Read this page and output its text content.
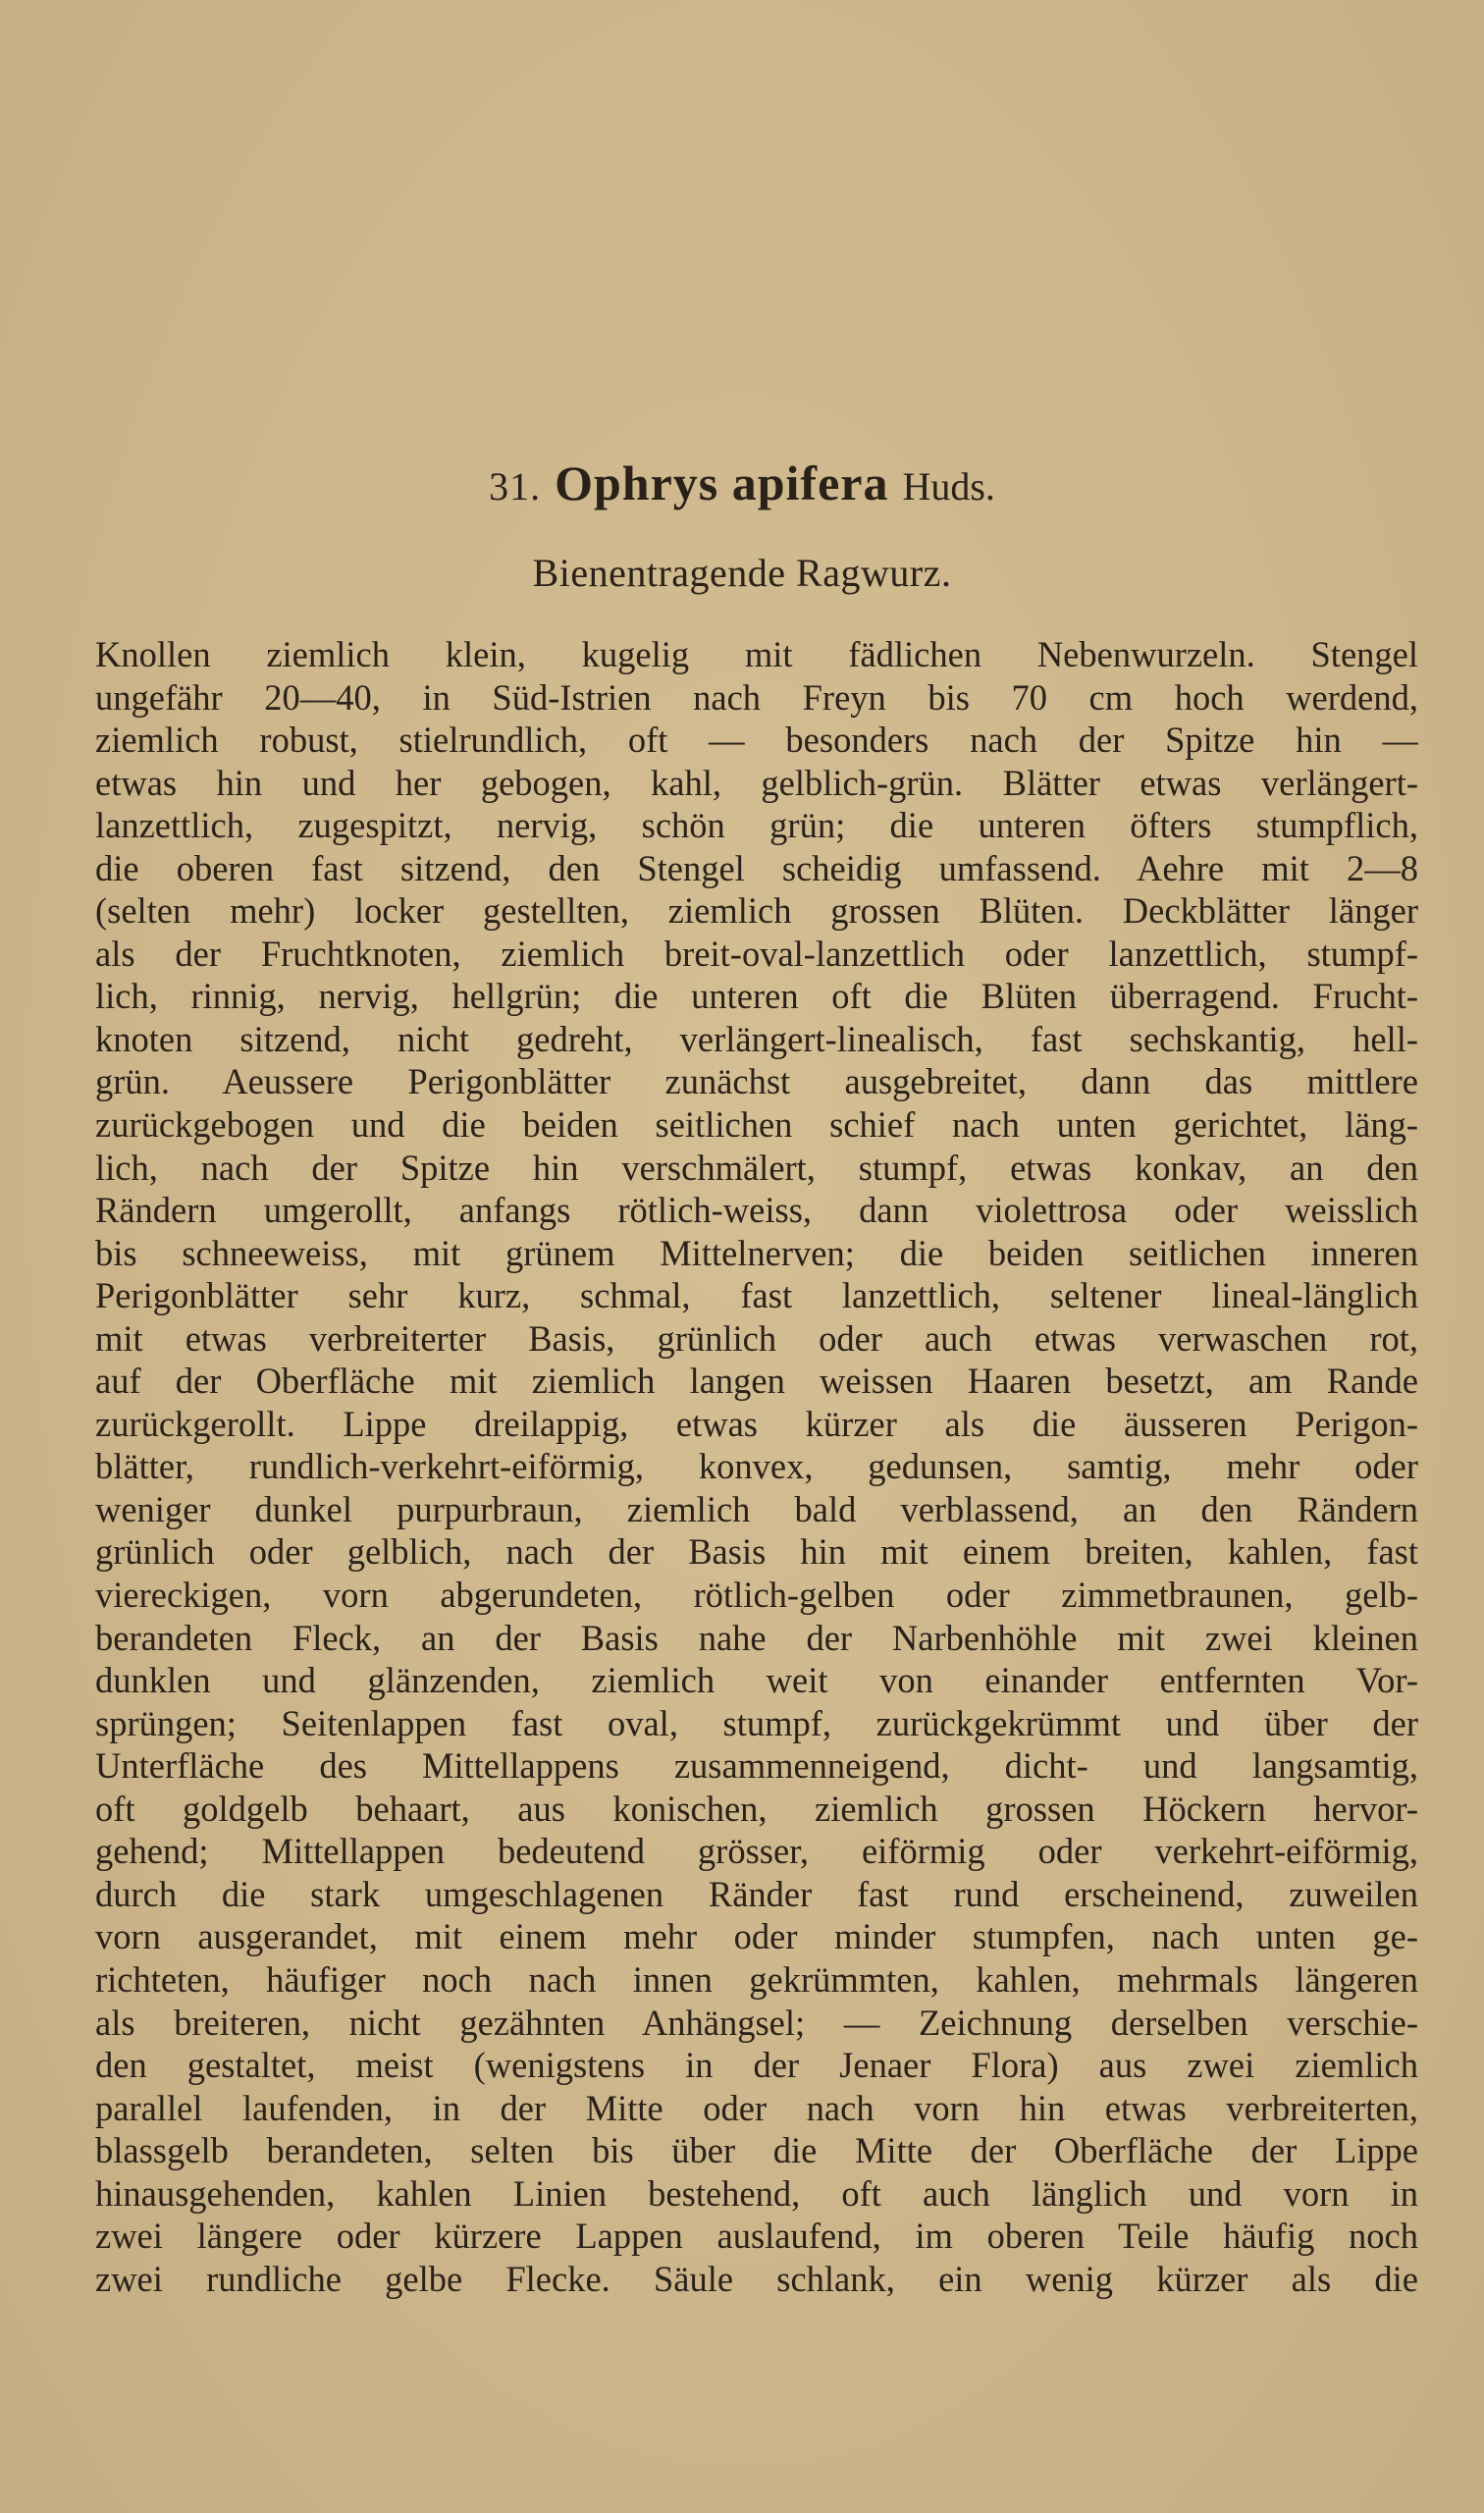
31. Ophrys apifera Huds.
Bienentragende Ragwurz.
Knollen ziemlich klein, kugelig mit fädlichen Nebenwurzeln. Stengel
ungefähr 20—40, in Süd-Istrien nach Freyn bis 70 cm hoch werdend,
ziemlich robust, stielrundlich, oft — besonders nach der Spitze hin —
etwas hin und her gebogen, kahl, gelblich-grün. Blätter etwas verlängert-
lanzettlich, zugespitzt, nervig, schön grün; die unteren öfters stumpflich,
die oberen fast sitzend, den Stengel scheidig umfassend. Aehre mit 2—8
(selten mehr) locker gestellten, ziemlich grossen Blüten. Deckblätter länger
als der Fruchtknoten, ziemlich breit-oval-lanzettlich oder lanzettlich, stumpf-
lich, rinnig, nervig, hellgrün; die unteren oft die Blüten überragend. Frucht-
knoten sitzend, nicht gedreht, verlängert-linealisch, fast sechskantig, hell-
grün. Aeussere Perigonblätter zunächst ausgebreitet, dann das mittlere
zurückgebogen und die beiden seitlichen schief nach unten gerichtet, läng-
lich, nach der Spitze hin verschmälert, stumpf, etwas konkav, an den
Rändern umgerollt, anfangs rötlich-weiss, dann violettrosa oder weisslich
bis schneeweiss, mit grünem Mittelnerven; die beiden seitlichen inneren
Perigonblätter sehr kurz, schmal, fast lanzettlich, seltener lineal-länglich
mit etwas verbreiterter Basis, grünlich oder auch etwas verwaschen rot,
auf der Oberfläche mit ziemlich langen weissen Haaren besetzt, am Rande
zurückgerollt. Lippe dreilappig, etwas kürzer als die äusseren Perigon-
blätter, rundlich-verkehrt-eiförmig, konvex, gedunsen, samtig, mehr oder
weniger dunkel purpurbraun, ziemlich bald verblassend, an den Rändern
grünlich oder gelblich, nach der Basis hin mit einem breiten, kahlen, fast
viereckigen, vorn abgerundeten, rötlich-gelben oder zimmetbraunen, gelb-
berandeten Fleck, an der Basis nahe der Narbenhöhle mit zwei kleinen
dunklen und glänzenden, ziemlich weit von einander entfernten Vor-
sprüngen; Seitenlappen fast oval, stumpf, zurückgekrümmt und über der
Unterfläche des Mittellappens zusammenneigend, dicht- und langsamtig,
oft goldgelb behaart, aus konischen, ziemlich grossen Höckern hervor-
gehend; Mittellappen bedeutend grösser, eiförmig oder verkehrt-eiförmig,
durch die stark umgeschlagenen Ränder fast rund erscheinend, zuweilen
vorn ausgerandet, mit einem mehr oder minder stumpfen, nach unten ge-
richteten, häufiger noch nach innen gekrümmten, kahlen, mehrmals längeren
als breiteren, nicht gezähnten Anhängsel; — Zeichnung derselben verschie-
den gestaltet, meist (wenigstens in der Jenaer Flora) aus zwei ziemlich
parallel laufenden, in der Mitte oder nach vorn hin etwas verbreiterten,
blassgelb berandeten, selten bis über die Mitte der Oberfläche der Lippe
hinausgehenden, kahlen Linien bestehend, oft auch länglich und vorn in
zwei längere oder kürzere Lappen auslaufend, im oberen Teile häufig noch
zwei rundliche gelbe Flecke. Säule schlank, ein wenig kürzer als die
